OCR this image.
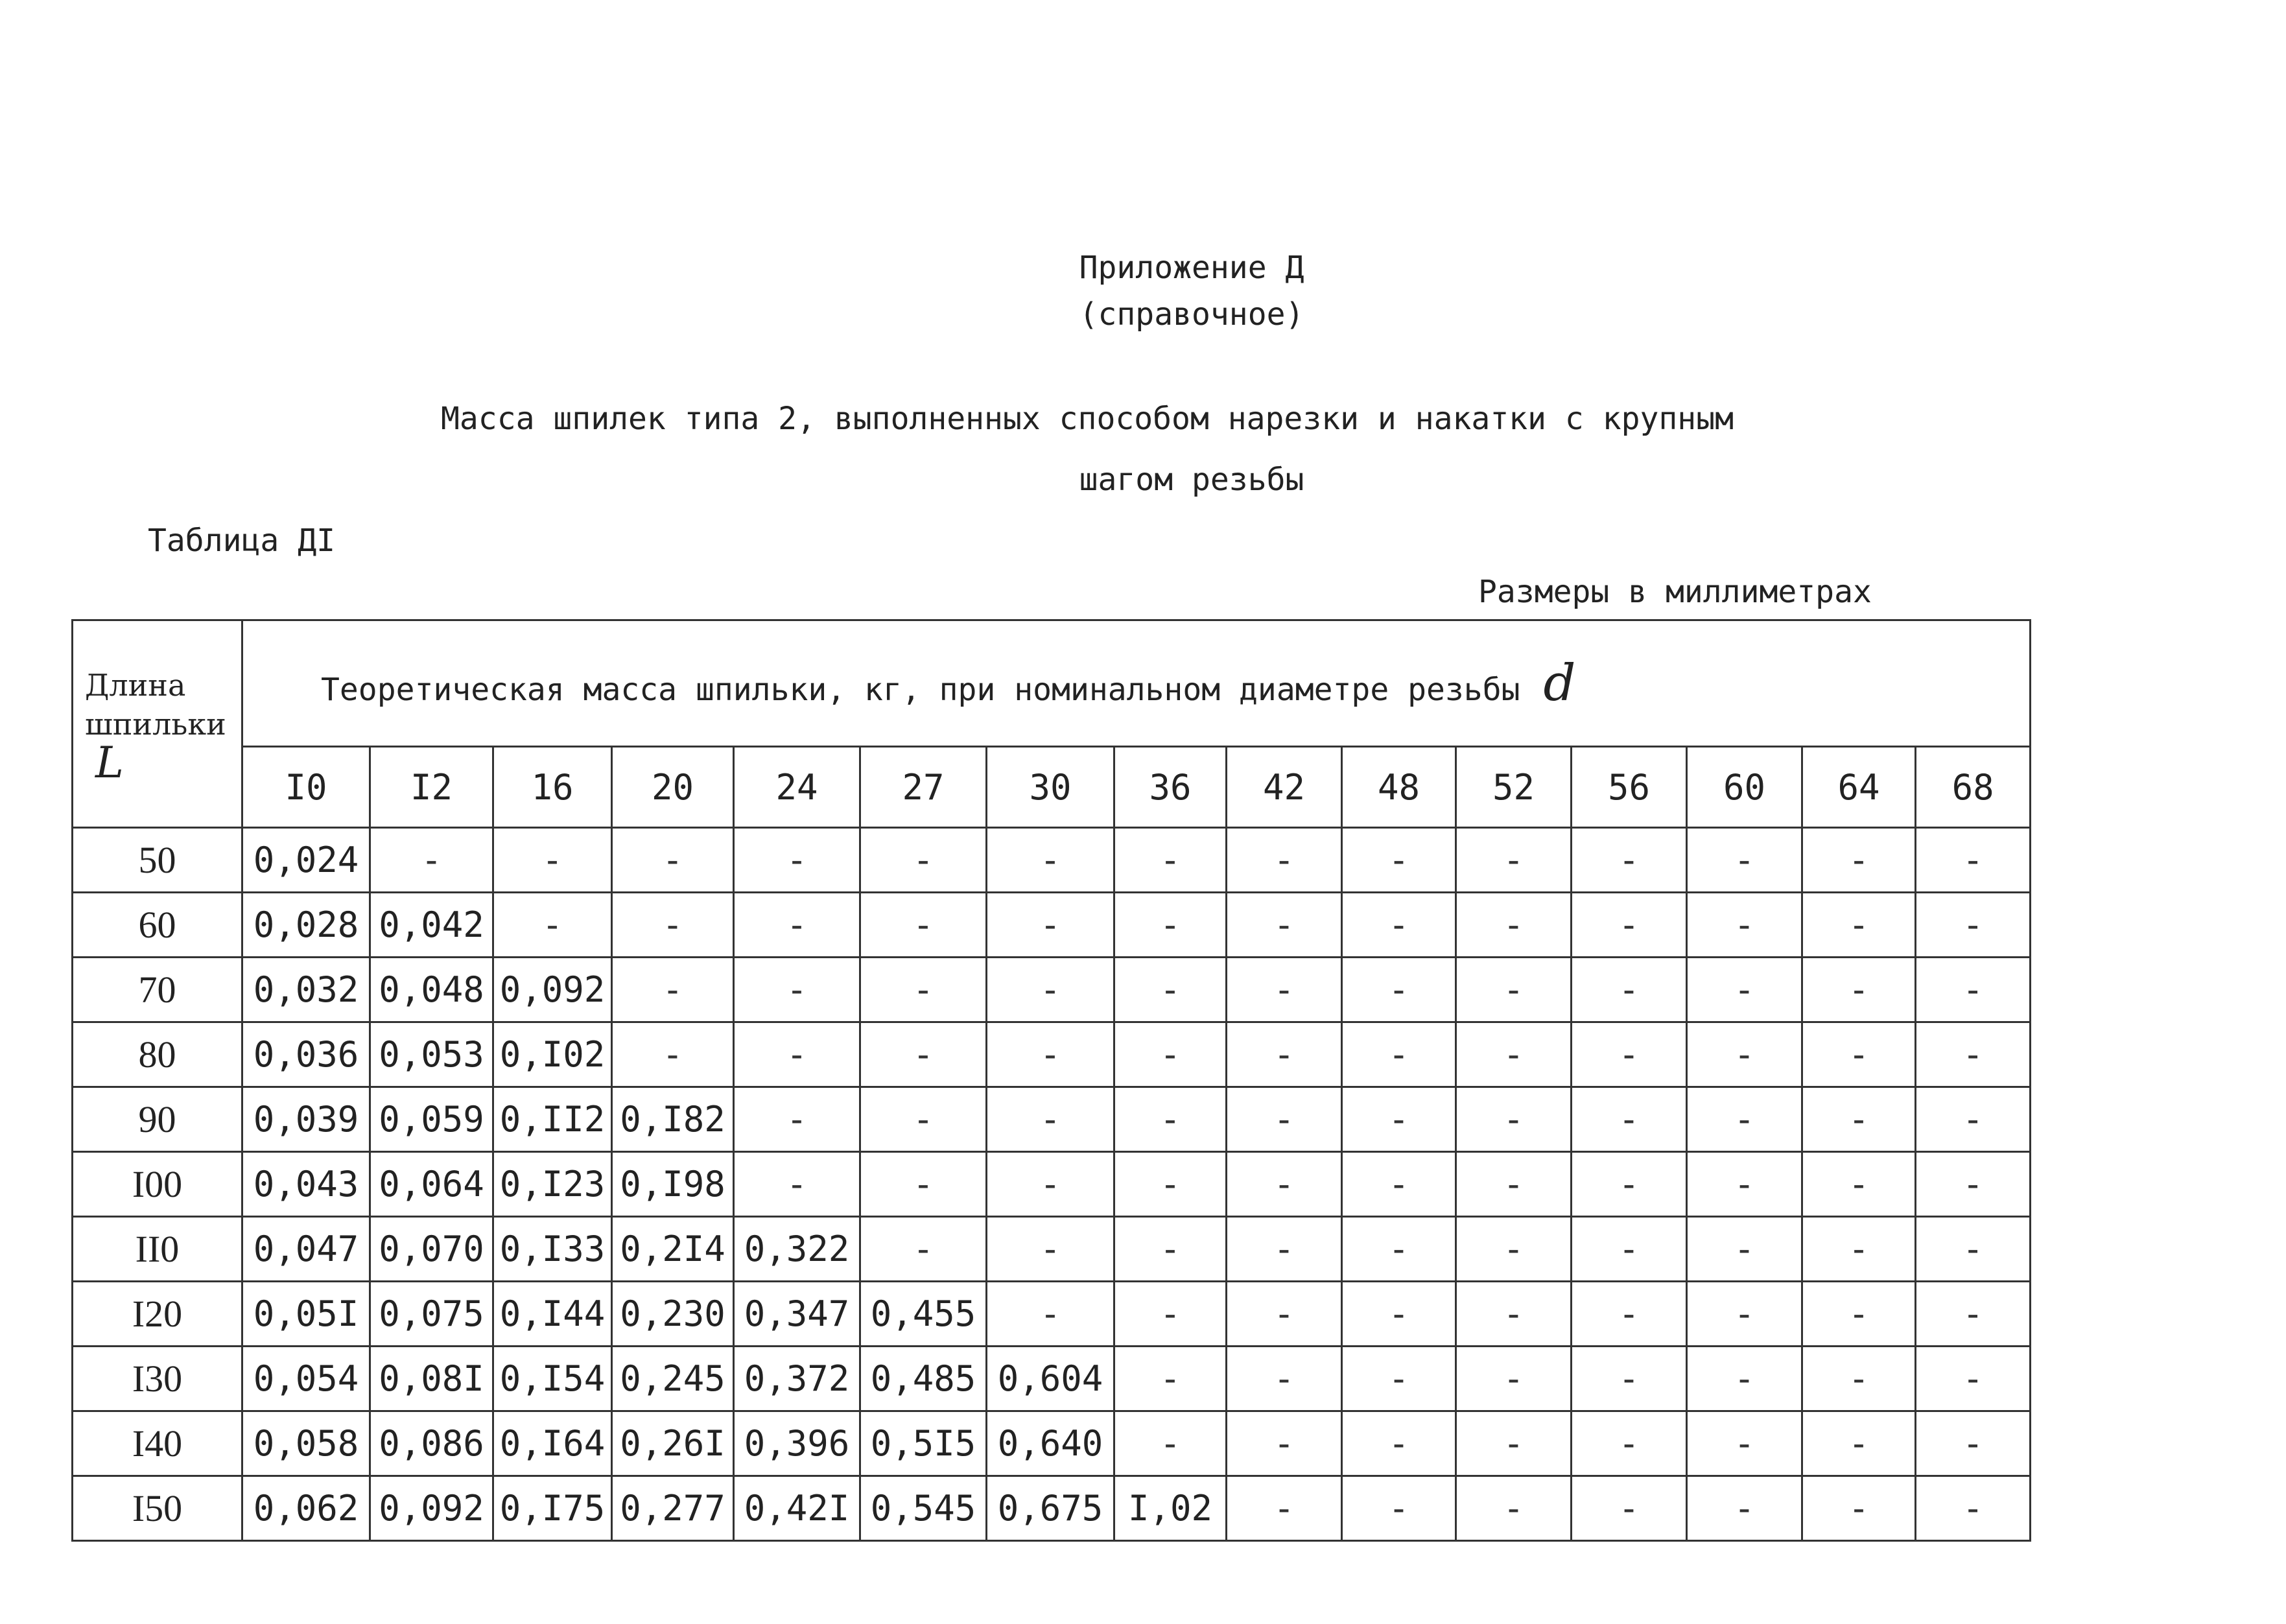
Приложение Д
(справочное)
Масса шпилек типа 2, выполненных способом нарезки и накатки с крупным
шагом резьбы
Таблица ДI
Размеры в миллиметрах
Длина
шпильки
L	Теоретическая масса шпильки, кг, при номинальном диаметре резьбы d														
	I0	I2	16	20	24	27	30	36	42	48	52	56	60	64	68
50	0,024	-	-	-	-	-	-	-	-	-	-	-	-	-	-
60	0,028	0,042	-	-	-	-	-	-	-	-	-	-	-	-	-
70	0,032	0,048	0,092	-	-	-	-	-	-	-	-	-	-	-	-
80	0,036	0,053	0,I02	-	-	-	-	-	-	-	-	-	-	-	-
90	0,039	0,059	0,II2	0,I82	-	-	-	-	-	-	-	-	-	-	-
I00	0,043	0,064	0,I23	0,I98	-	-	-	-	-	-	-	-	-	-	-
II0	0,047	0,070	0,I33	0,2I4	0,322	-	-	-	-	-	-	-	-	-	-
I20	0,05I	0,075	0,I44	0,230	0,347	0,455	-	-	-	-	-	-	-	-	-
I30	0,054	0,08I	0,I54	0,245	0,372	0,485	0,604	-	-	-	-	-	-	-	-
I40	0,058	0,086	0,I64	0,26I	0,396	0,5I5	0,640	-	-	-	-	-	-	-	-
I50	0,062	0,092	0,I75	0,277	0,42I	0,545	0,675	I,02	-	-	-	-	-	-	-
